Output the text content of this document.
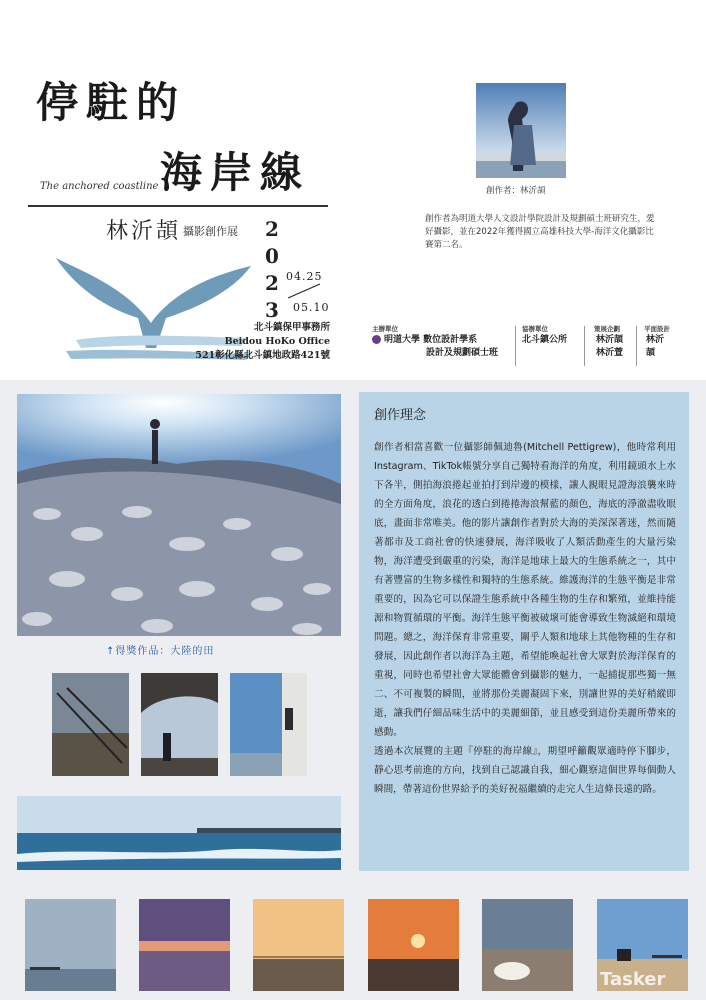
停駐的
海岸線
The anchored coastline
林沂頡 攝影創作展 2
0
2
3
04.25
05.10
北斗鎮保甲事務所
Beidou HoKo Office
521彰化縣北斗鎮地政路421號
創作者：林沂頡
創作者為明道大學人文設計學院設計及規劃碩士班研究生，愛好攝影，並在2022年獲得國立高雄科技大學-海洋文化攝影比賽第二名。
主辦單位
明道大學 數位設計學系
設計及規劃碩士班
協辦單位
北斗鎮公所
策展企劃
林沂頡
林沂萱
平面設計
林沂頡
↑得獎作品：大陸的田
創作理念
創作者相當喜歡一位攝影師佩迪魯(Mitchell Pettigrew)，他時常利用 Instagram、TikTok帳號分享自己獨特看海洋的角度，利用鏡頭水上水下各半，側拍海浪捲起並拍打到岸邊的模樣，讓人親眼見證海浪襲來時的全方面角度，浪花的透白到捲捲海浪幫藍的顏色，海底的淨澈盡收眼底，畫面非常唯美。他的影片讓創作者對於大海的美深深著迷，然而隨著都市及工商社會的快速發展，海洋吸收了人類活動產生的大量污染物，海洋遭受到嚴重的污染，海洋是地球上最大的生態系統之一，其中有著豐富的生物多樣性和獨特的生態系統。維護海洋的生態平衡是非常重要的，因為它可以保證生態系統中各種生物的生存和繁殖，並維持能源和物質循環的平衡。海洋生態平衡被破壞可能會導致生物滅絕和環境問題。總之，海洋保育非常重要，關乎人類和地球上其他物種的生存和發展，因此創作者以海洋為主題，希望能喚起社會大眾對於海洋保育的重視，同時也希望社會大眾能體會到攝影的魅力，一起捕捉那些獨一無二、不可複製的瞬間，並將那份美麗凝固下來，別讓世界的美好稍縱即逝，讓我們仔細品味生活中的美麗細節，並且感受到這份美麗所帶來的感動。
透過本次展覽的主題『停駐的海岸線』，期望呼籲觀眾適時停下腳步，靜心思考前進的方向，找到自己認識自我，細心觀察這個世界每個動人瞬間，帶著這份世界給予的美好祝福繼續的走完人生這條長遠的路。
Tasker
